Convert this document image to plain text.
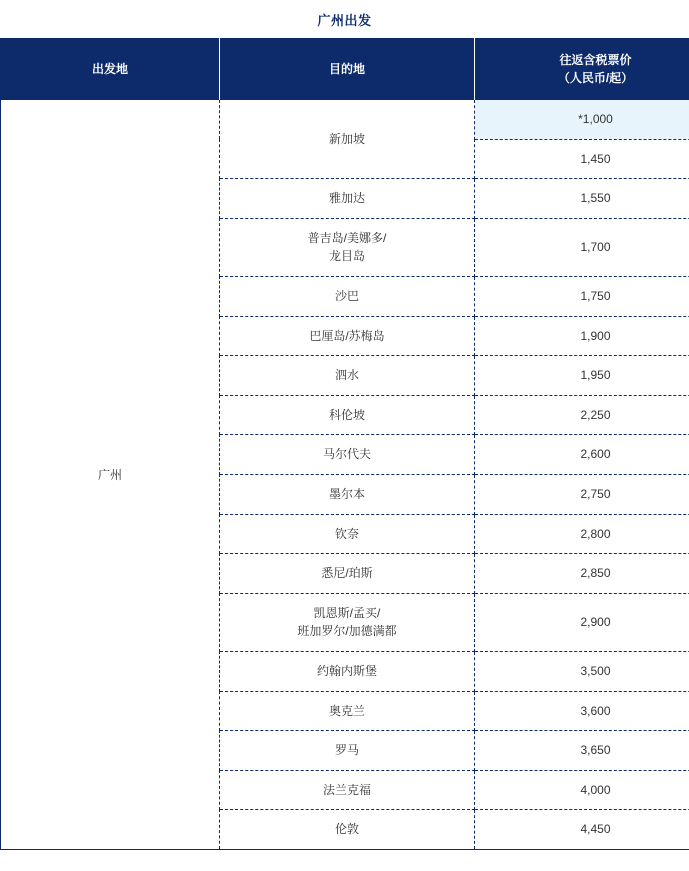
广州出发
出发地	目的地	往返含税票价
（人民币/起）

广州	新加坡	*1,000
		1,450

	雅加达	1,550

	普吉岛/美娜多/
龙目岛	1,700

	沙巴	1,750

	巴厘岛/苏梅岛	1,900

	泗水	1,950

	科伦坡	2,250

	马尔代夫	2,600

	墨尔本	2,750

	钦奈	2,800

	悉尼/珀斯	2,850

	凯恩斯/孟买/
班加罗尔/加德满都	2,900

	约翰内斯堡	3,500

	奥克兰	3,600

	罗马	3,650

	法兰克福	4,000

	伦敦	4,450
